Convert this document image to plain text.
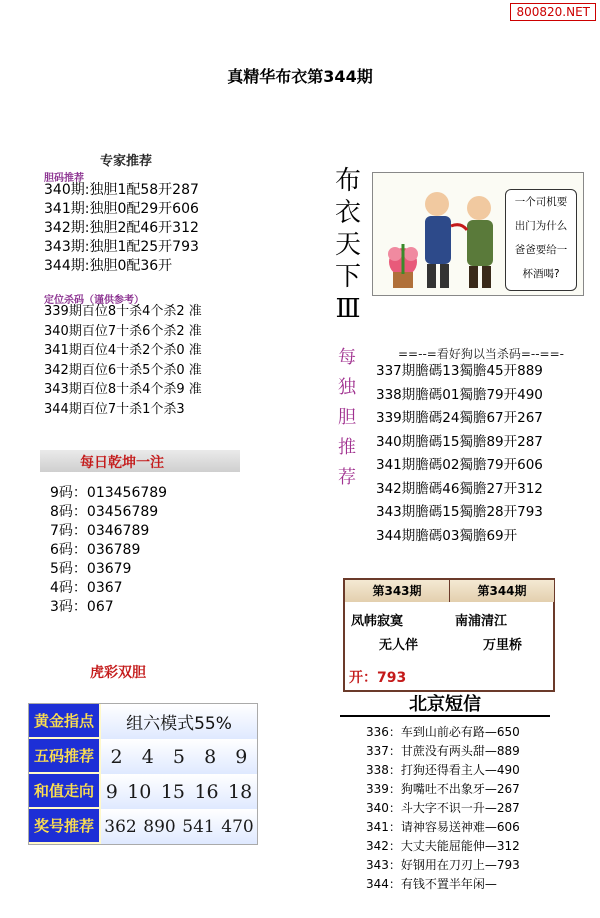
800820.NET
真精华布衣第344期
专家推荐
胆码推荐
340期:独胆1配58开287
341期:独胆0配29开606
342期:独胆2配46开312
343期:独胆1配25开793
344期:独胆0配36开
定位杀码（谨供参考）
339期百位8十杀4个杀2 准
340期百位7十杀6个杀2 准
341期百位4十杀2个杀0 准
342期百位6十杀5个杀0 准
343期百位8十杀4个杀9 准
344期百位7十杀1个杀3
每日乾坤一注
9码：013456789
8码：03456789
7码：0346789
6码：036789
5码：03679
4码：0367
3码：067
虎彩双胆
黄金指点	组六模式55%
五码推荐 2 4 5 8 9
和值走向 9 10 15 16 18
奖号推荐 362 890 541 470
布
衣
天
下
Ⅲ
一个司机要
出门为什么
爸爸要给一
杯酒喝?
每
独
胆
推
荐
==--=看好狗以当杀码=--==-
337期膽碼13獨膽45开889
338期膽碼01獨膽79开490
339期膽碼24獨膽67开267
340期膽碼15獨膽89开287
341期膽碼02獨膽79开606
342期膽碼46獨膽27开312
343期膽碼15獨膽28开793
344期膽碼03獨膽69开
第343期	第344期
凤帏寂寞
无人伴
南浦清江
万里桥
开：793
北京短信
336：车到山前必有路—650
337：甘蔗没有两头甜—889
338：打狗还得看主人—490
339：狗嘴吐不出象牙—267
340：斗大字不识一升—287
341：请神容易送神难—606
342：大丈夫能屈能伸—312
343：好钢用在刀刃上—793
344：有钱不置半年闲—
